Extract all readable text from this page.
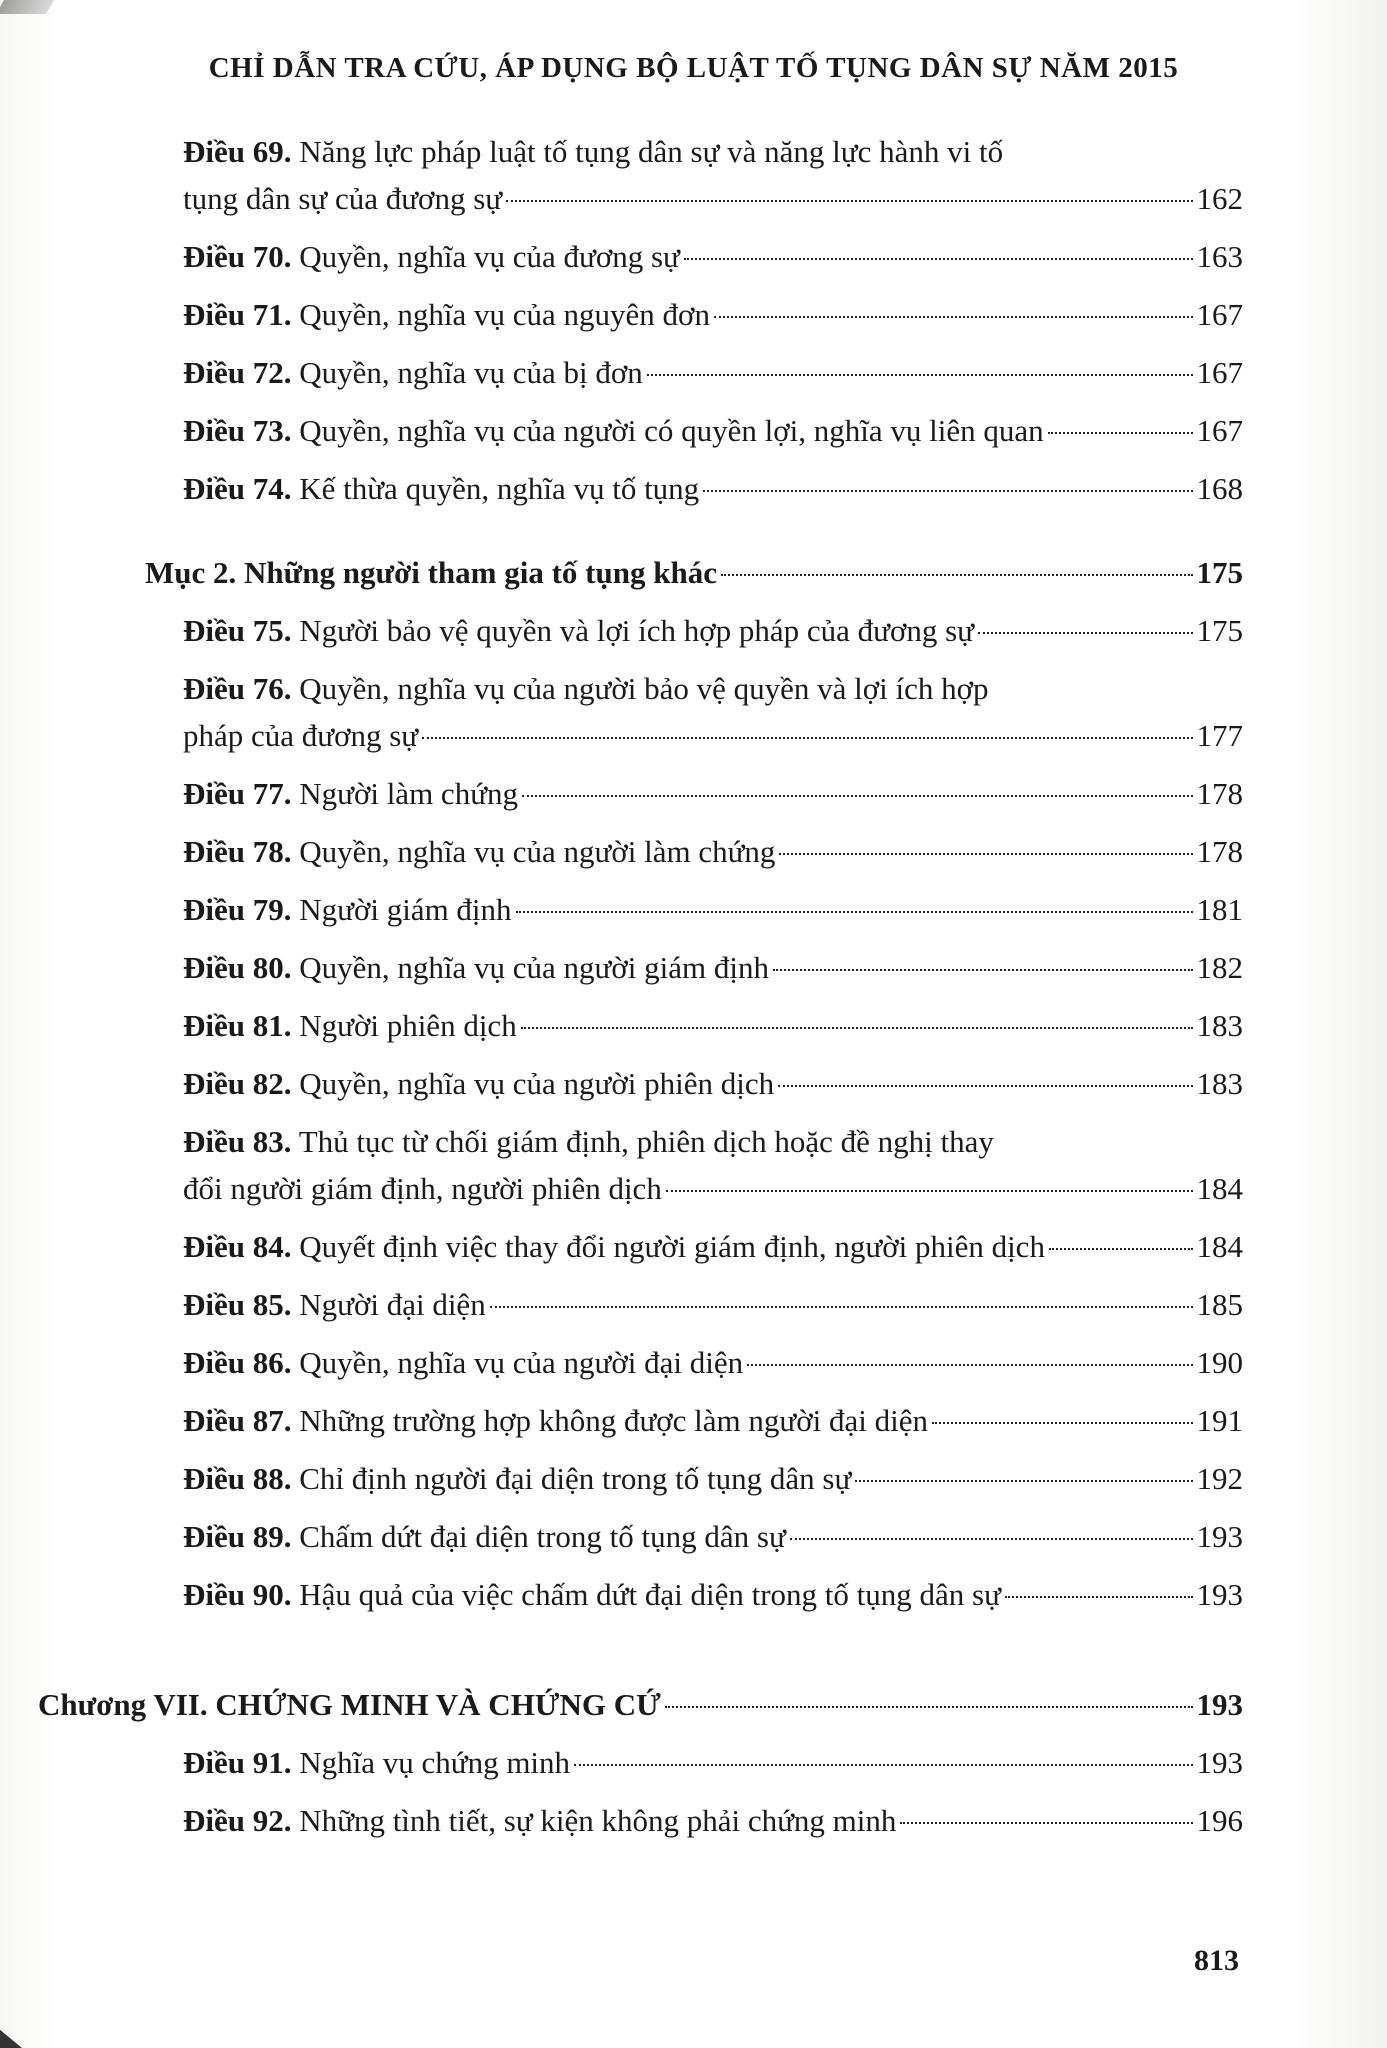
CHỈ DẪN TRA CỨU, ÁP DỤNG BỘ LUẬT TỐ TỤNG DÂN SỰ NĂM 2015
Điều 69. Năng lực pháp luật tố tụng dân sự và năng lực hành vi tố
tụng dân sự của đương sự	162
Điều 70. Quyền, nghĩa vụ của đương sự	163
Điều 71. Quyền, nghĩa vụ của nguyên đơn	167
Điều 72. Quyền, nghĩa vụ của bị đơn	167
Điều 73. Quyền, nghĩa vụ của người có quyền lợi, nghĩa vụ liên quan	167
Điều 74. Kế thừa quyền, nghĩa vụ tố tụng	168
Mục 2. Những người tham gia tố tụng khác	175
Điều 75. Người bảo vệ quyền và lợi ích hợp pháp của đương sự	175
Điều 76. Quyền, nghĩa vụ của người bảo vệ quyền và lợi ích hợp
pháp của đương sự	177
Điều 77. Người làm chứng	178
Điều 78. Quyền, nghĩa vụ của người làm chứng	178
Điều 79. Người giám định	181
Điều 80. Quyền, nghĩa vụ của người giám định	182
Điều 81. Người phiên dịch	183
Điều 82. Quyền, nghĩa vụ của người phiên dịch	183
Điều 83. Thủ tục từ chối giám định, phiên dịch hoặc đề nghị thay
đổi người giám định, người phiên dịch	184
Điều 84. Quyết định việc thay đổi người giám định, người phiên dịch	184
Điều 85. Người đại diện	185
Điều 86. Quyền, nghĩa vụ của người đại diện	190
Điều 87. Những trường hợp không được làm người đại diện	191
Điều 88. Chỉ định người đại diện trong tố tụng dân sự	192
Điều 89. Chấm dứt đại diện trong tố tụng dân sự	193
Điều 90. Hậu quả của việc chấm dứt đại diện trong tố tụng dân sự	193
Chương VII. CHỨNG MINH VÀ CHỨNG CỨ	193
Điều 91. Nghĩa vụ chứng minh	193
Điều 92. Những tình tiết, sự kiện không phải chứng minh	196
813
